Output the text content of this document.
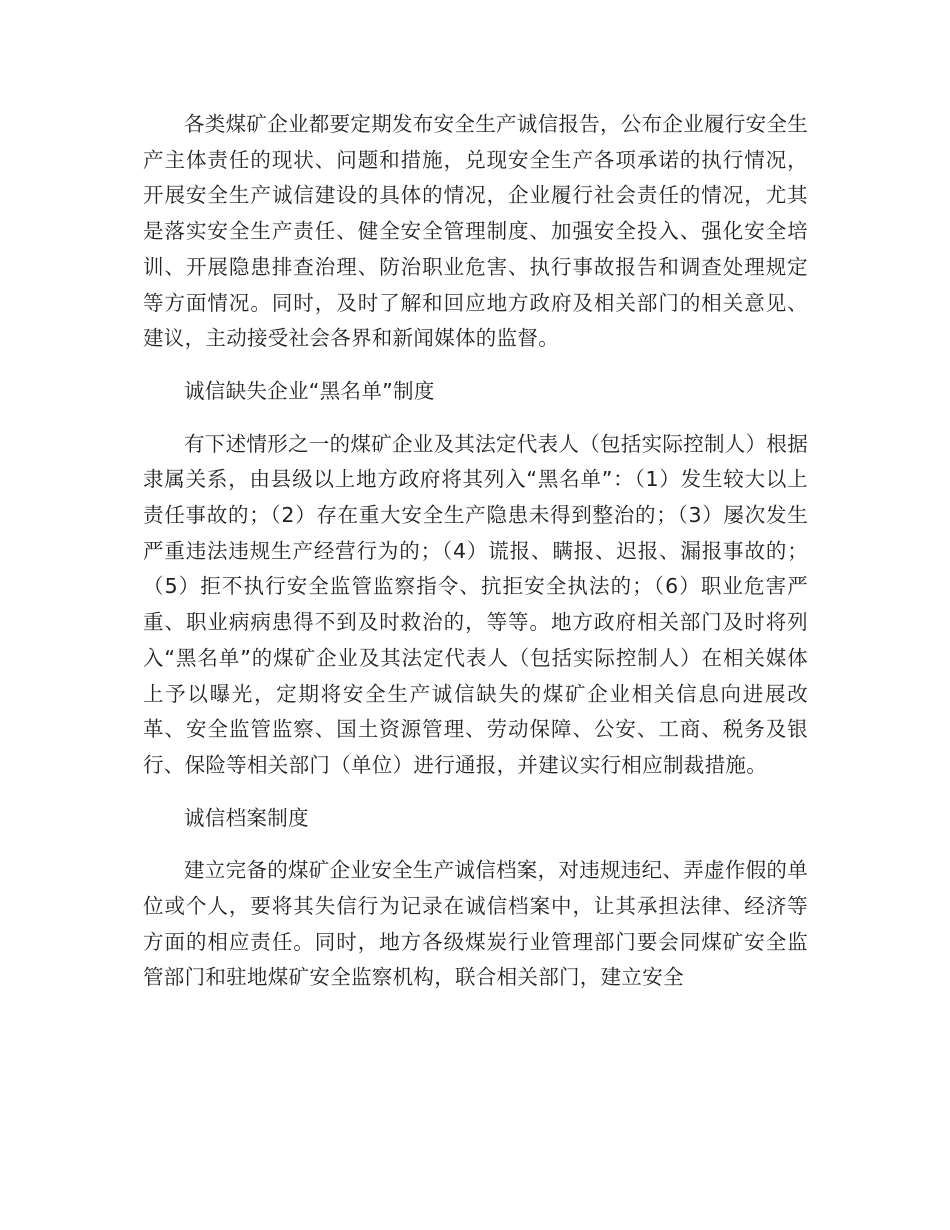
各类煤矿企业都要定期发布安全生产诚信报告，公布企业履行安全生产主体责任的现状、问题和措施，兑现安全生产各项承诺的执行情况，开展安全生产诚信建设的具体的情况，企业履行社会责任的情况，尤其是落实安全生产责任、健全安全管理制度、加强安全投入、强化安全培训、开展隐患排查治理、防治职业危害、执行事故报告和调查处理规定等方面情况。同时，及时了解和回应地方政府及相关部门的相关意见、建议，主动接受社会各界和新闻媒体的监督。

诚信缺失企业“黑名单”制度

有下述情形之一的煤矿企业及其法定代表人（包括实际控制人）根据隶属关系，由县级以上地方政府将其列入“黑名单”：（1）发生较大以上责任事故的；（2）存在重大安全生产隐患未得到整治的；（3）屡次发生严重违法违规生产经营行为的；（4）谎报、瞒报、迟报、漏报事故的；（5）拒不执行安全监管监察指令、抗拒安全执法的；（6）职业危害严重、职业病病患得不到及时救治的，等等。地方政府相关部门及时将列入“黑名单”的煤矿企业及其法定代表人（包括实际控制人）在相关媒体上予以曝光，定期将安全生产诚信缺失的煤矿企业相关信息向进展改革、安全监管监察、国土资源管理、劳动保障、公安、工商、税务及银行、保险等相关部门（单位）进行通报，并建议实行相应制裁措施。

诚信档案制度

建立完备的煤矿企业安全生产诚信档案，对违规违纪、弄虚作假的单位或个人，要将其失信行为记录在诚信档案中，让其承担法律、经济等方面的相应责任。同时，地方各级煤炭行业管理部门要会同煤矿安全监管部门和驻地煤矿安全监察机构，联合相关部门，建立安全
